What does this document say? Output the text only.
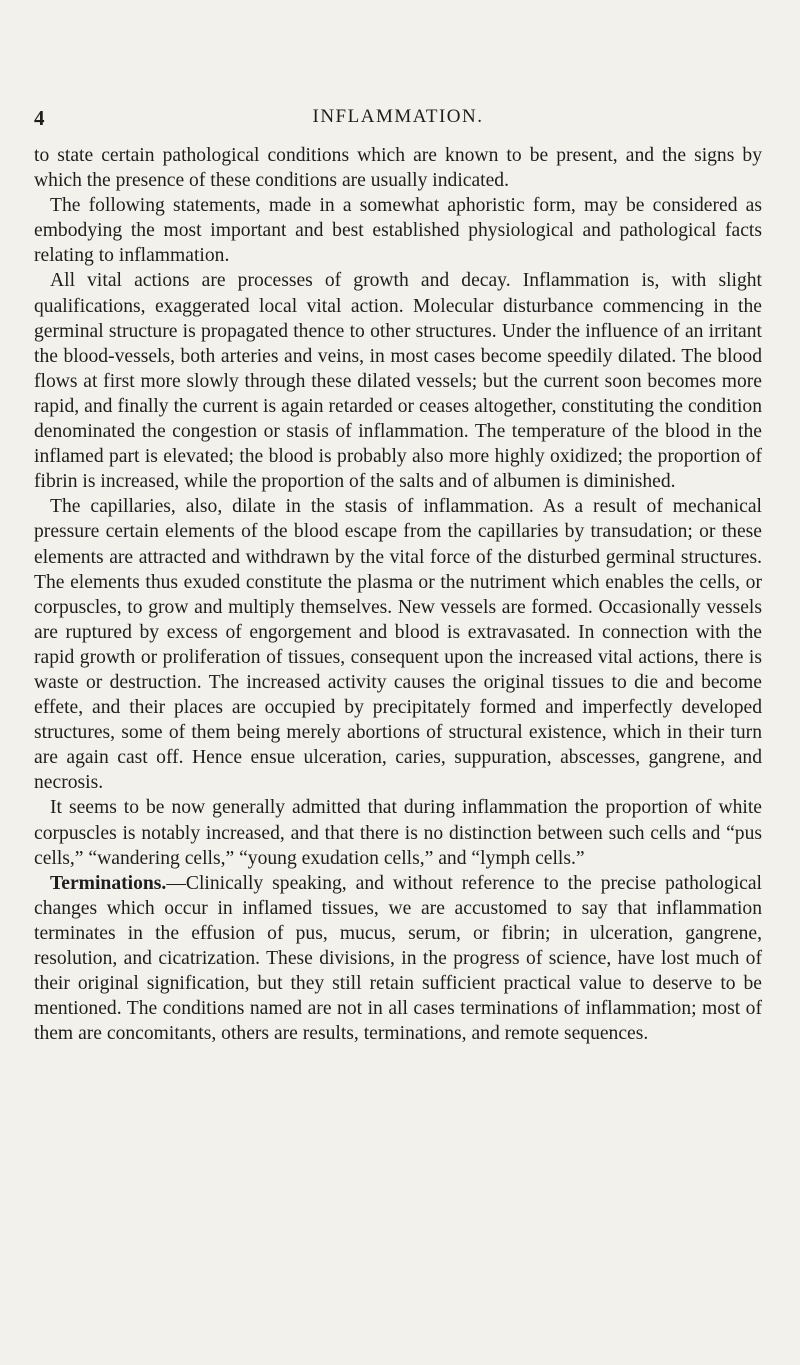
4	INFLAMMATION.

to state certain pathological conditions which are known to be present, and the signs by which the presence of these conditions are usually indicated.

The following statements, made in a somewhat aphoristic form, may be considered as embodying the most important and best established physiological and pathological facts relating to inflammation.

All vital actions are processes of growth and decay. Inflammation is, with slight qualifications, exaggerated local vital action. Molecular disturbance commencing in the germinal structure is propagated thence to other structures. Under the influence of an irritant the blood-vessels, both arteries and veins, in most cases become speedily dilated. The blood flows at first more slowly through these dilated vessels; but the current soon becomes more rapid, and finally the current is again retarded or ceases altogether, constituting the condition denominated the congestion or stasis of inflammation. The temperature of the blood in the inflamed part is elevated; the blood is probably also more highly oxidized; the proportion of fibrin is increased, while the proportion of the salts and of albumen is diminished.

The capillaries, also, dilate in the stasis of inflammation. As a result of mechanical pressure certain elements of the blood escape from the capillaries by transudation; or these elements are attracted and withdrawn by the vital force of the disturbed germinal structures. The elements thus exuded constitute the plasma or the nutriment which enables the cells, or corpuscles, to grow and multiply themselves. New vessels are formed. Occasionally vessels are ruptured by excess of engorgement and blood is extravasated. In connection with the rapid growth or proliferation of tissues, consequent upon the increased vital actions, there is waste or destruction. The increased activity causes the original tissues to die and become effete, and their places are occupied by precipitately formed and imperfectly developed structures, some of them being merely abortions of structural existence, which in their turn are again cast off. Hence ensue ulceration, caries, suppuration, abscesses, gangrene, and necrosis.

It seems to be now generally admitted that during inflammation the proportion of white corpuscles is notably increased, and that there is no distinction between such cells and “pus cells,” “wandering cells,” “young exudation cells,” and “lymph cells.”

Terminations.—Clinically speaking, and without reference to the precise pathological changes which occur in inflamed tissues, we are accustomed to say that inflammation terminates in the effusion of pus, mucus, serum, or fibrin; in ulceration, gangrene, resolution, and cicatrization. These divisions, in the progress of science, have lost much of their original signification, but they still retain sufficient practical value to deserve to be mentioned. The conditions named are not in all cases terminations of inflammation; most of them are concomitants, others are results, terminations, and remote sequences.
